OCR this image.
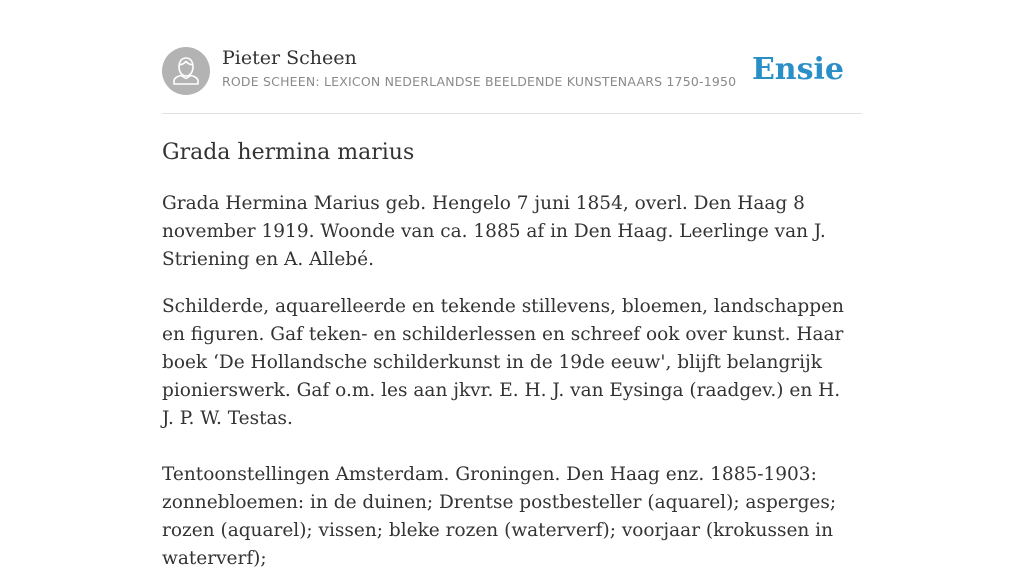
Pieter Scheen
RODE SCHEEN: LEXICON NEDERLANDSE BEELDENDE KUNSTENAARS 1750-1950 Ensie
Grada hermina marius

Grada Hermina Marius geb. Hengelo 7 juni 1854, overl. Den Haag 8 november 1919. Woonde van ca. 1885 af in Den Haag. Leerlinge van J. Striening en A. Allebé.

Schilderde, aquarelleerde en tekende stillevens, bloemen, landschappen en figuren. Gaf teken- en schilderlessen en schreef ook over kunst. Haar boek ‘De Hollandsche schilderkunst in de 19de eeuw', blijft belangrijk pionierswerk. Gaf o.m. les aan jkvr. E. H. J. van Eysinga (raadgev.) en H. J. P. W. Testas.

Tentoonstellingen Amsterdam. Groningen. Den Haag enz. 1885-1903: zonnebloemen: in de duinen; Drentse postbesteller (aquarel); asperges; rozen (aquarel); vissen; bleke rozen (waterverf); voorjaar (krokussen in waterverf);
